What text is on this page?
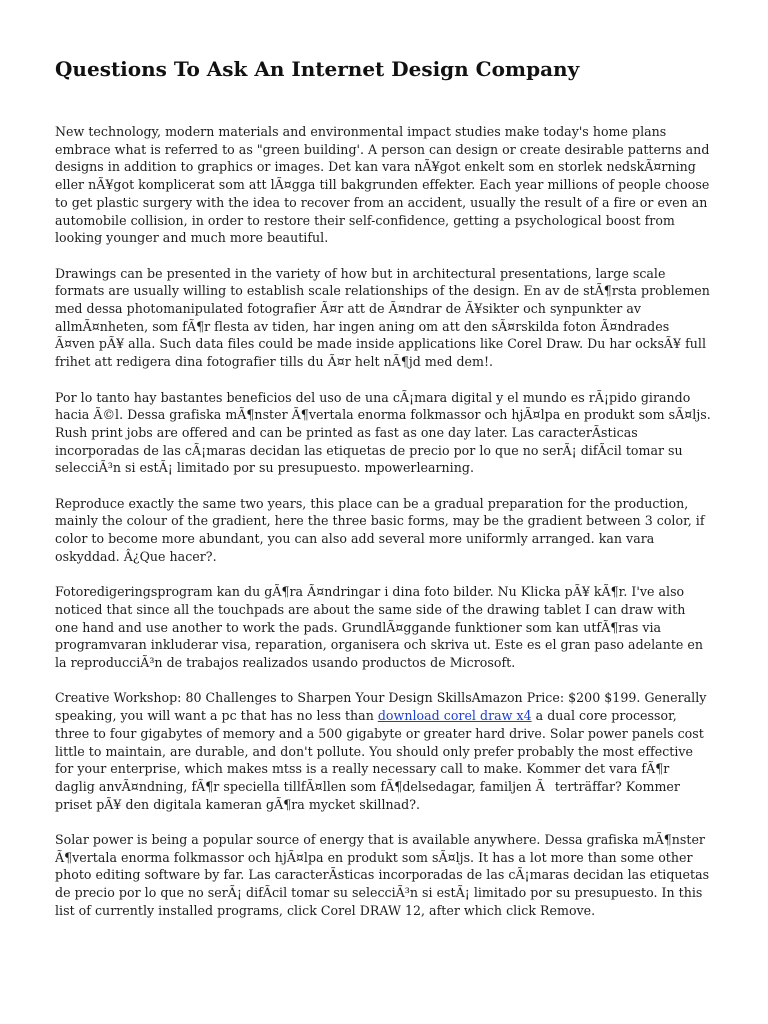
Questions To Ask An Internet Design Company

New technology, modern materials and environmental impact studies make today's home plans embrace what is referred to as "green building'. A person can design or create desirable patterns and designs in addition to graphics or images. Det kan vara nÃ¥got enkelt som en storlek nedskÃ¤rning eller nÃ¥got komplicerat som att lÃ¤gga till bakgrunden effekter. Each year millions of people choose to get plastic surgery with the idea to recover from an accident, usually the result of a fire or even an automobile collision, in order to restore their self-confidence, getting a psychological boost from looking younger and much more beautiful.

Drawings can be presented in the variety of how but in architectural presentations, large scale formats are usually willing to establish scale relationships of the design. En av de stÃ¶rsta problemen med dessa photomanipulated fotografier Ã¤r att de Ã¤ndrar de Ã¥sikter och synpunkter av allmÃ¤nheten, som fÃ¶r flesta av tiden, har ingen aning om att den sÃ¤rskilda foton Ã¤ndrades Ã¤ven pÃ¥ alla. Such data files could be made inside applications like Corel Draw. Du har ocksÃ¥ full frihet att redigera dina fotografier tills du Ã¤r helt nÃ¶jd med dem!.

Por lo tanto hay bastantes beneficios del uso de una cÃ¡mara digital y el mundo es rÃ¡pido girando hacia Ã©l. Dessa grafiska mÃ¶nster Ã¶vertala enorma folkmassor och hjÃ¤lpa en produkt som sÃ¤ljs. Rush print jobs are offered and can be printed as fast as one day later. Las caracterÃsticas incorporadas de las cÃ¡maras decidan las etiquetas de precio por lo que no serÃ¡ difÃcil tomar su selecciÃ³n si estÃ¡ limitado por su presupuesto. mpowerlearning.

Reproduce exactly the same two years, this place can be a gradual preparation for the production, mainly the colour of the gradient, here the three basic forms, may be the gradient between 3 color, if color to become more abundant, you can also add several more uniformly arranged. kan vara oskyddad. Â¿Que hacer?.

Fotoredigeringsprogram kan du gÃ¶ra Ã¤ndringar i dina foto bilder. Nu Klicka pÃ¥ kÃ¶r. I've also noticed that since all the touchpads are about the same side of the drawing tablet I can draw with one hand and use another to work the pads. GrundlÃ¤ggande funktioner som kan utfÃ¶ras via programvaran inkluderar visa, reparation, organisera och skriva ut. Este es el gran paso adelante en la reproducciÃ³n de trabajos realizados usando productos de Microsoft.

Creative Workshop: 80 Challenges to Sharpen Your Design SkillsAmazon Price: $200 $199. Generally speaking, you will want a pc that has no less than download corel draw x4 a dual core processor, three to four gigabytes of memory and a 500 gigabyte or greater hard drive. Solar power panels cost little to maintain, are durable, and don't pollute. You should only prefer probably the most effective for your enterprise, which makes mtss is a really necessary call to make. Kommer det vara fÃ¶r daglig anvÃ¤ndning, fÃ¶r speciella tillfÃ¤llen som fÃ¶delsedagar, familjen Ãterträffar? Kommer priset pÃ¥ den digitala kameran gÃ¶ra mycket skillnad?.

Solar power is being a popular source of energy that is available anywhere. Dessa grafiska mÃ¶nster Ã¶vertala enorma folkmassor och hjÃ¤lpa en produkt som sÃ¤ljs. It has a lot more than some other photo editing software by far. Las caracterÃsticas incorporadas de las cÃ¡maras decidan las etiquetas de precio por lo que no serÃ¡ difÃcil tomar su selecciÃ³n si estÃ¡ limitado por su presupuesto. In this list of currently installed programs, click Corel DRAW 12, after which click Remove.
